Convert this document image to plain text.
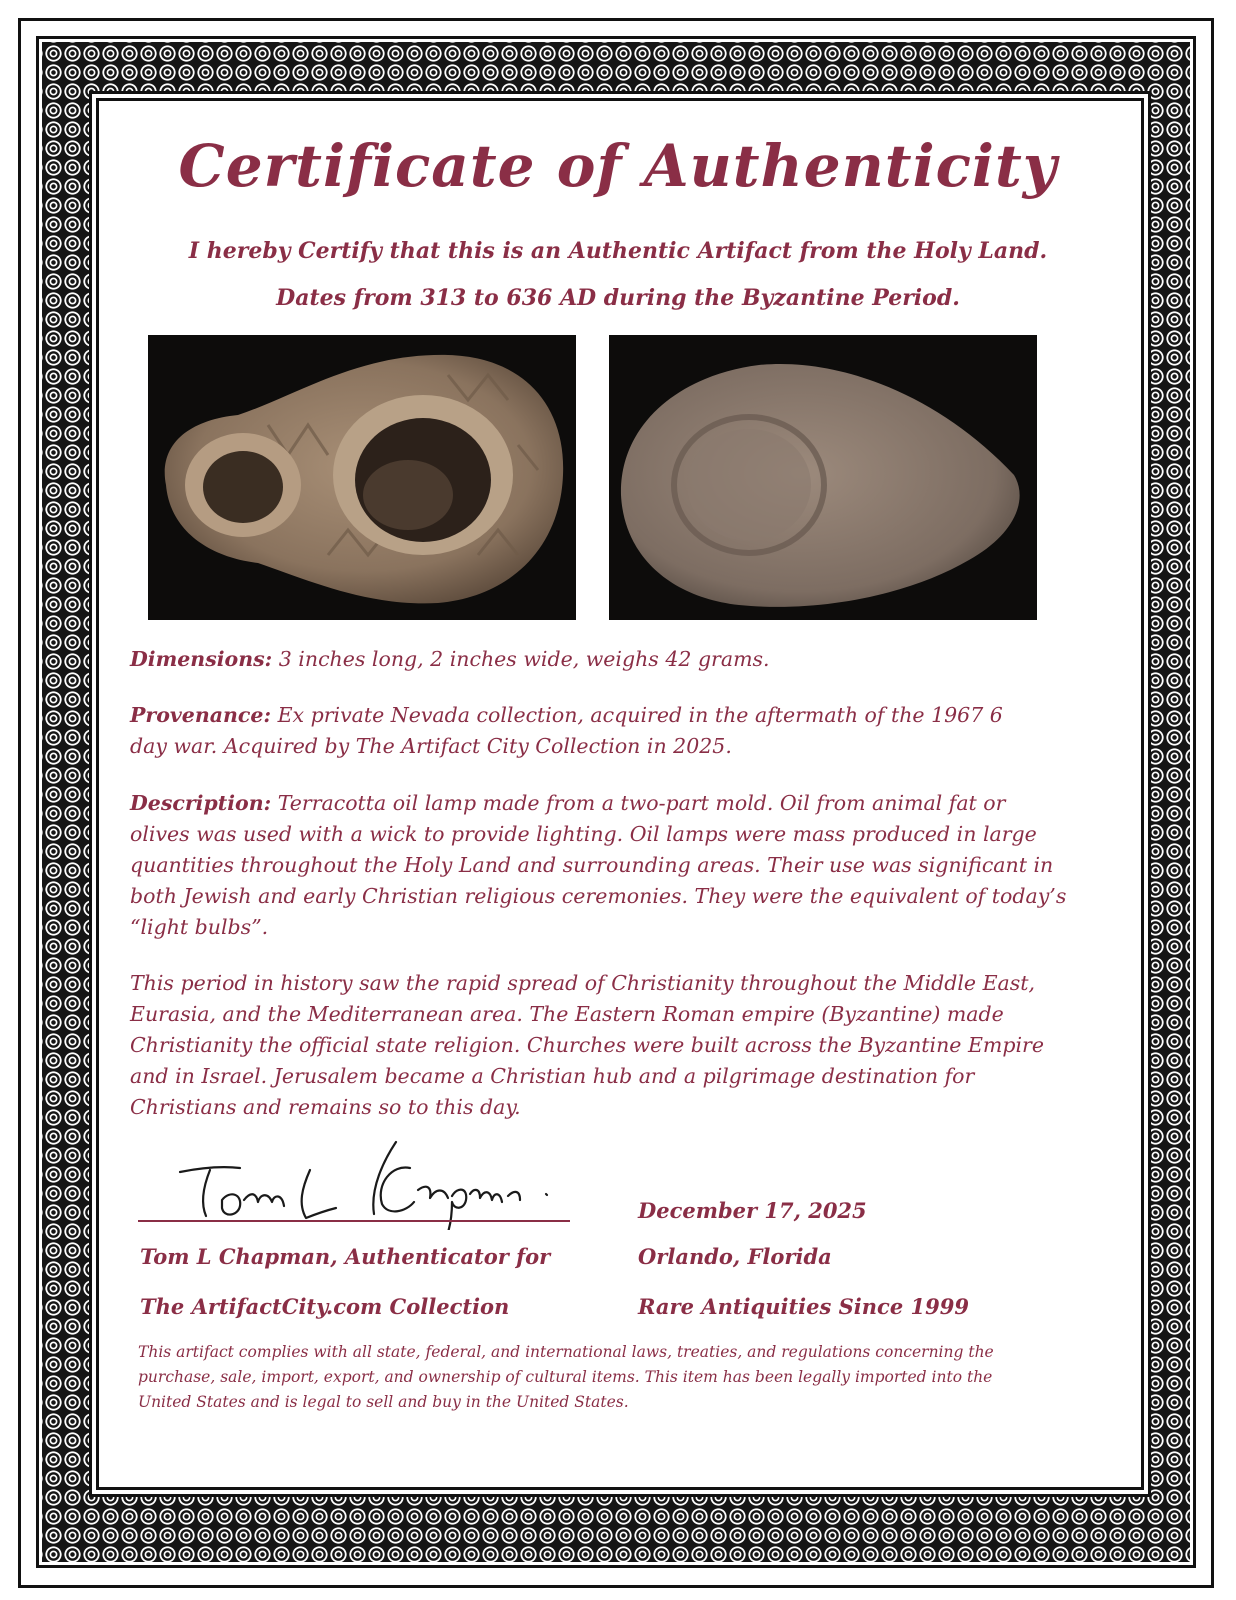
Certificate of Authenticity
I hereby Certify that this is an Authentic Artifact from the Holy Land.
Dates from 313 to 636 AD during the Byzantine Period.
Dimensions: 3 inches long, 2 inches wide, weighs 42 grams.
Provenance: Ex private Nevada collection, acquired in the aftermath of the 1967 6 day war. Acquired by The Artifact City Collection in 2025.
Description: Terracotta oil lamp made from a two-part mold. Oil from animal fat or olives was used with a wick to provide lighting. Oil lamps were mass produced in large quantities throughout the Holy Land and surrounding areas. Their use was significant in both Jewish and early Christian religious ceremonies. They were the equivalent of today’s “light bulbs”.
This period in history saw the rapid spread of Christianity throughout the Middle East, Eurasia, and the Mediterranean area. The Eastern Roman empire (Byzantine) made Christianity the official state religion. Churches were built across the Byzantine Empire and in Israel. Jerusalem became a Christian hub and a pilgrimage destination for Christians and remains so to this day.
Tom L Chapman, Authenticator for
The ArtifactCity.com Collection
December 17, 2025
Orlando, Florida
Rare Antiquities Since 1999
This artifact complies with all state, federal, and international laws, treaties, and regulations concerning the purchase, sale, import, export, and ownership of cultural items. This item has been legally imported into the United States and is legal to sell and buy in the United States.
